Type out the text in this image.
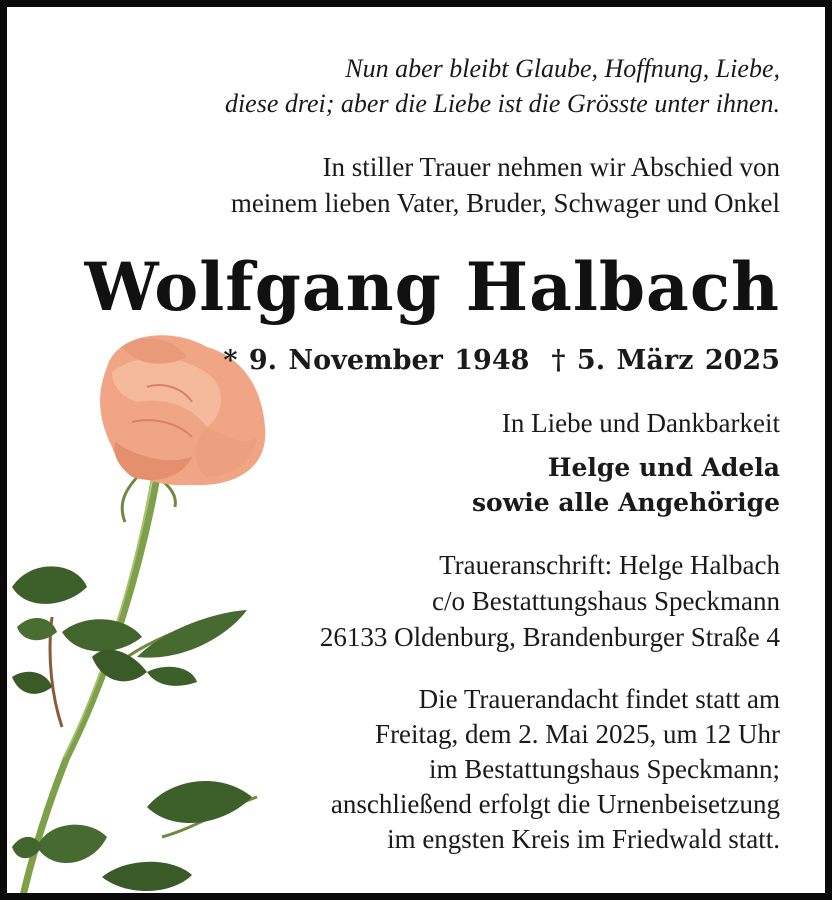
Nun aber bleibt Glaube, Hoffnung, Liebe,
diese drei; aber die Liebe ist die Grösste unter ihnen.
In stiller Trauer nehmen wir Abschied von
meinem lieben Vater, Bruder, Schwager und Onkel
Wolfgang Halbach
* 9. November 1948 † 5. März 2025
In Liebe und Dankbarkeit
Helge und Adela
sowie alle Angehörige
Traueranschrift: Helge Halbach
c/o Bestattungshaus Speckmann
26133 Oldenburg, Brandenburger Straße 4
Die Trauerandacht findet statt am
Freitag, dem 2. Mai 2025, um 12 Uhr
im Bestattungshaus Speckmann;
anschließend erfolgt die Urnenbeisetzung
im engsten Kreis im Friedwald statt.
